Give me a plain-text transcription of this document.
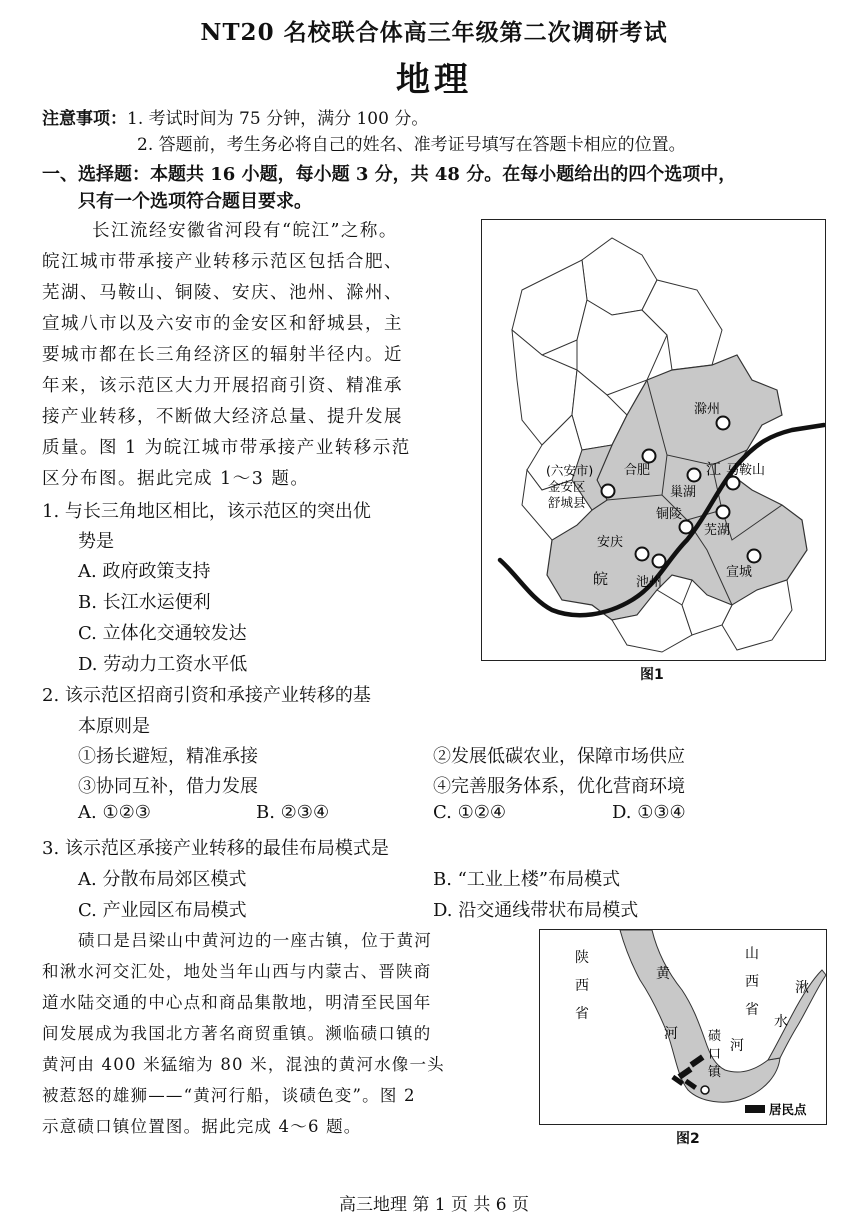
NT20 名校联合体高三年级第二次调研考试
地理
注意事项：1. 考试时间为 75 分钟，满分 100 分。
2. 答题前，考生务必将自己的姓名、准考证号填写在答题卡相应的位置。
一、选择题：本题共 16 小题，每小题 3 分，共 48 分。在每小题给出的四个选项中，
只有一个选项符合题目要求。
长江流经安徽省河段有“皖江”之称。
皖江城市带承接产业转移示范区包括合肥、
芜湖、马鞍山、铜陵、安庆、池州、滁州、
宣城八市以及六安市的金安区和舒城县，主
要城市都在长三角经济区的辐射半径内。近
年来，该示范区大力开展招商引资、精准承
接产业转移，不断做大经济总量、提升发展
质量。图 1 为皖江城市带承接产业转移示范
区分布图。据此完成 1～3 题。
滁州
合肥
(六安市)
金安区
舒城县
巢湖
江 马鞍山
铜陵
芜湖
安庆
皖 池州
宣城
图1
1. 与长三角地区相比，该示范区的突出优
势是
A. 政府政策支持
B. 长江水运便利
C. 立体化交通较发达
D. 劳动力工资水平低
2. 该示范区招商引资和承接产业转移的基
本原则是
①扬长避短，精准承接	②发展低碳农业，保障市场供应
③协同互补，借力发展	④完善服务体系，优化营商环境
A. ①②③	B. ②③④	C. ①②④	D. ①③④
3. 该示范区承接产业转移的最佳布局模式是
A. 分散布局郊区模式	B. “工业上楼”布局模式
C. 产业园区布局模式	D. 沿交通线带状布局模式
碛口是吕梁山中黄河边的一座古镇，位于黄河
和湫水河交汇处，地处当年山西与内蒙古、晋陕商
道水陆交通的中心点和商品集散地，明清至民国年
间发展成为我国北方著名商贸重镇。濒临碛口镇的
黄河由 400 米猛缩为 80 米，混浊的黄河水像一头
被惹怒的雄狮——“黄河行船，谈碛色变”。图 2
示意碛口镇位置图。据此完成 4～6 题。
陕
西
省
黄
河
山
西
省
碛
口
镇
湫
水
河
居民点
图2
高三地理 第 1 页 共 6 页
